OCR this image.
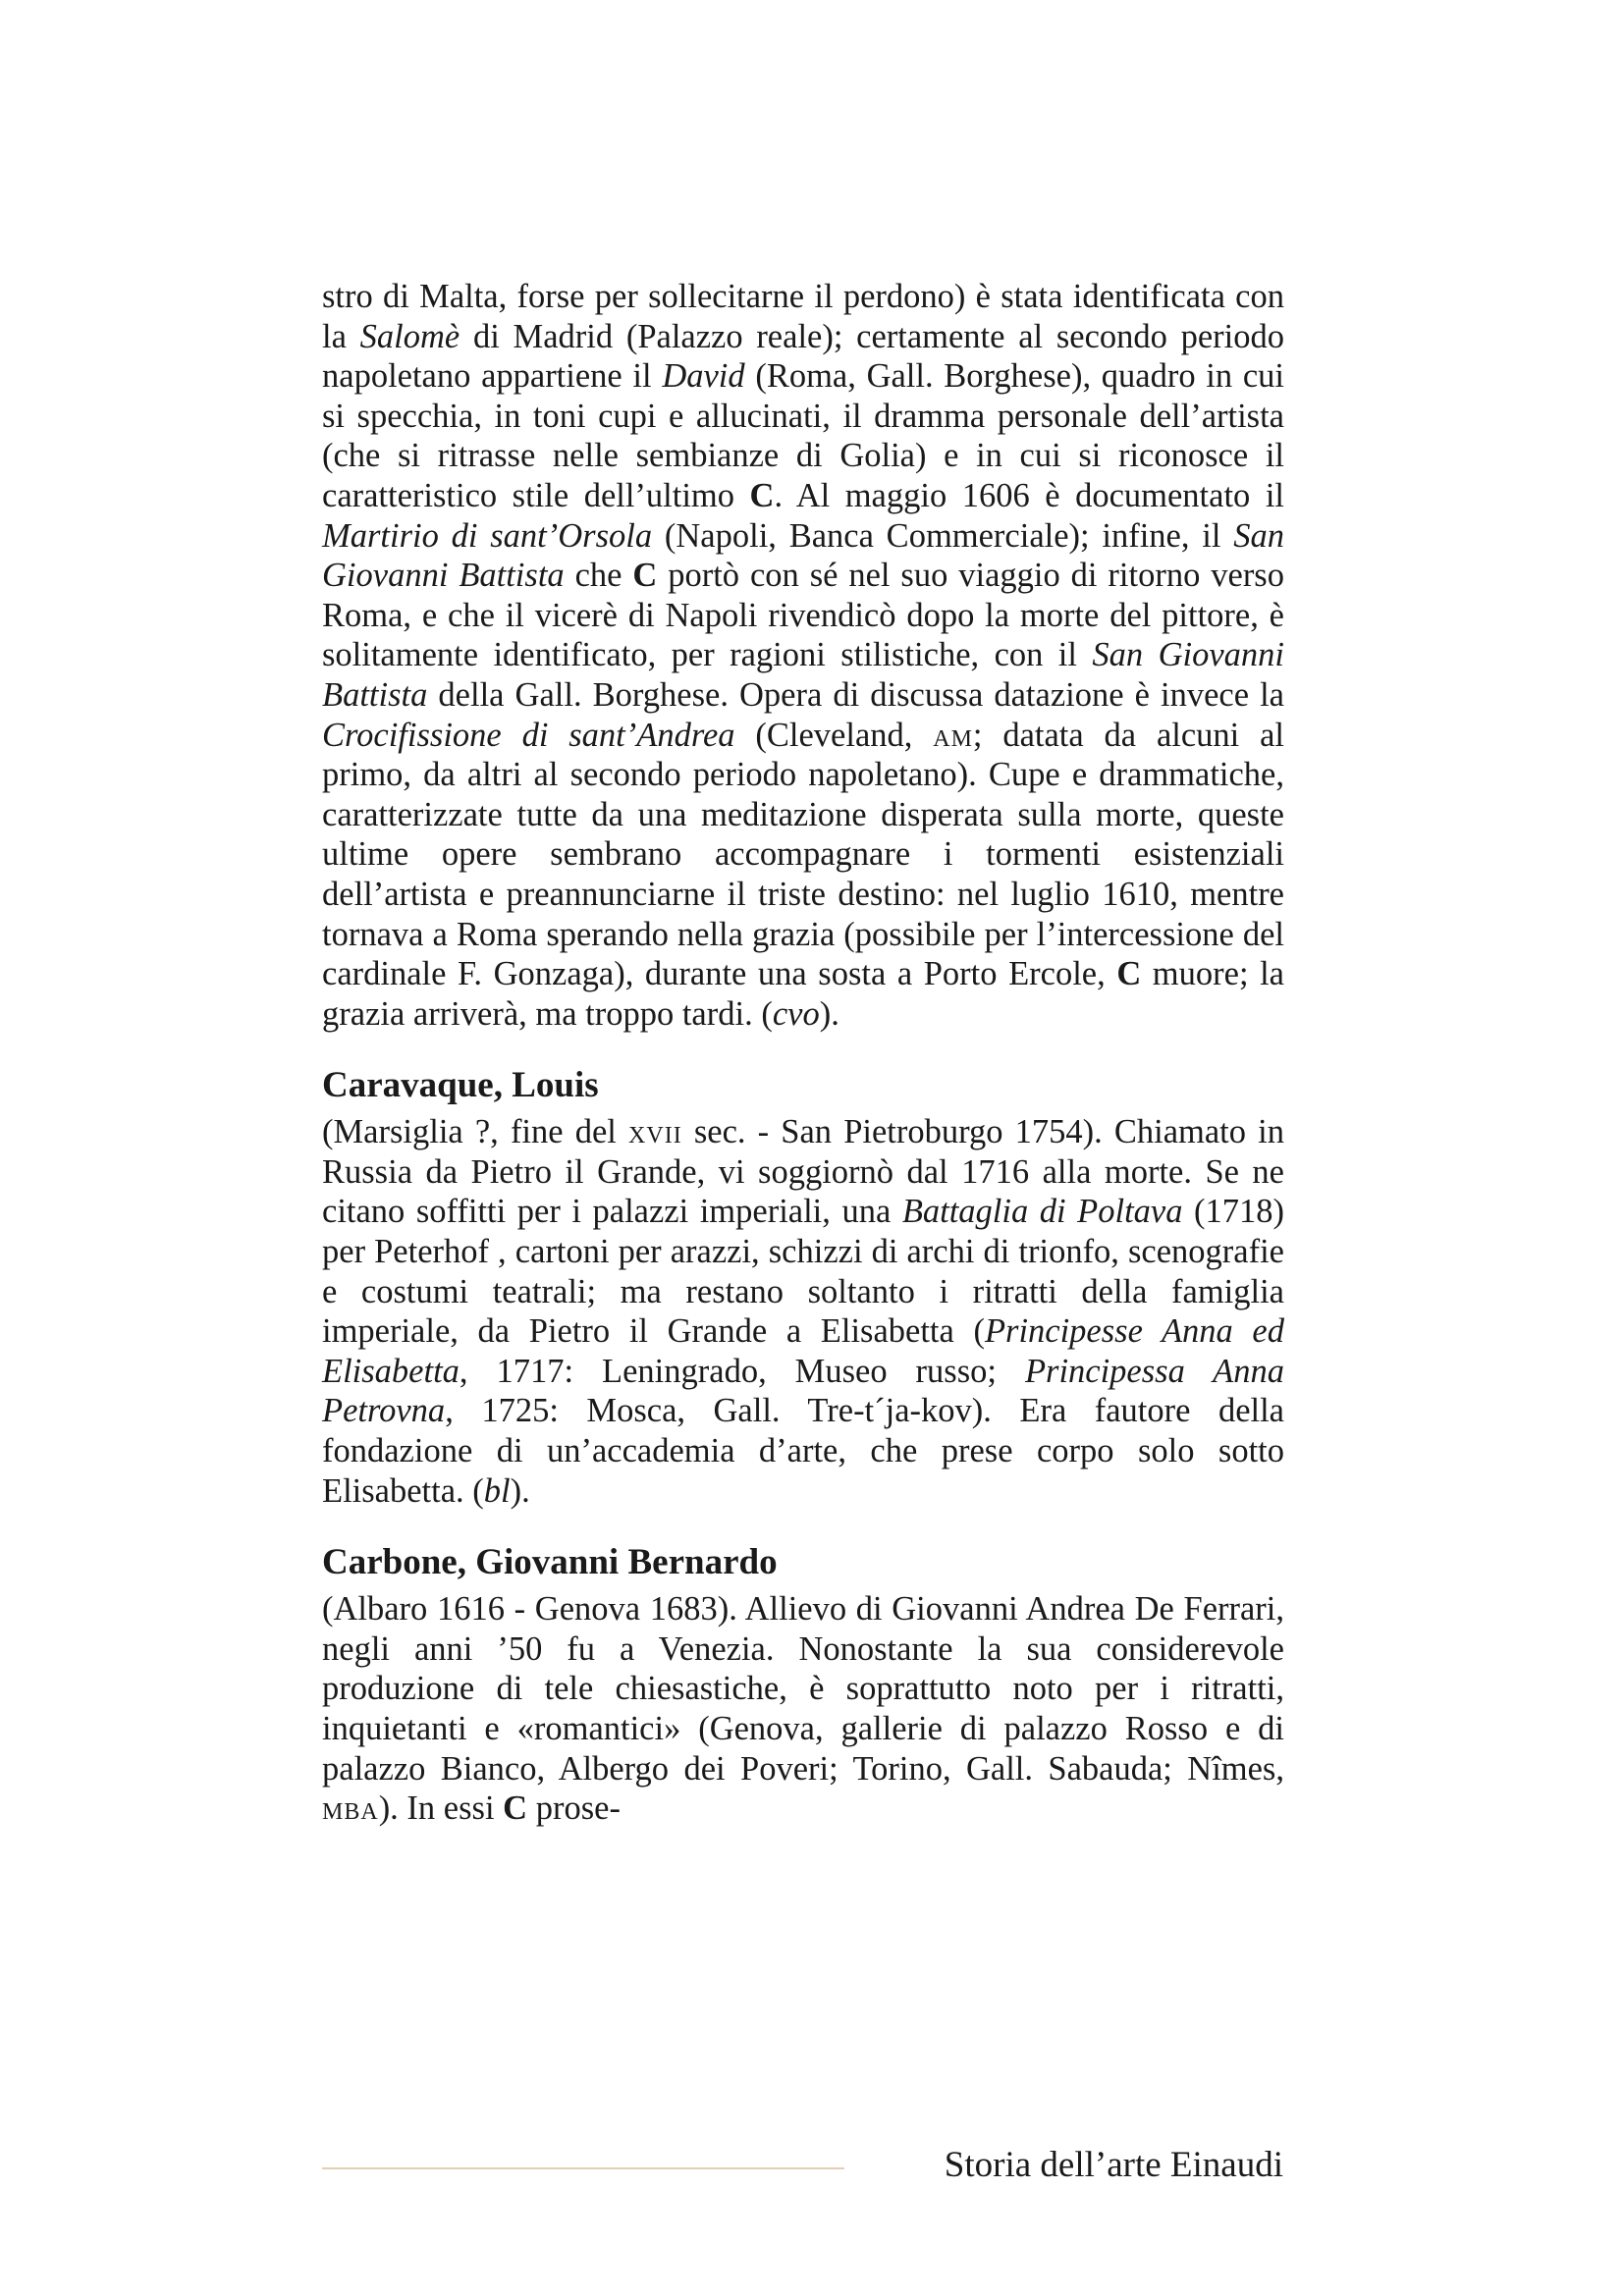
stro di Malta, forse per sollecitarne il perdono) è stata identificata con la Salomè di Madrid (Palazzo reale); certamente al secondo periodo napoletano appartiene il David (Roma, Gall. Borghese), quadro in cui si specchia, in toni cupi e allucinati, il dramma personale dell’artista (che si ritrasse nelle sembianze di Golia) e in cui si riconosce il caratteristico stile dell’ultimo C. Al maggio 1606 è documentato il Martirio di sant’Orsola (Napoli, Banca Commerciale); infine, il San Giovanni Battista che C portò con sé nel suo viaggio di ritorno verso Roma, e che il vicerè di Napoli rivendicò dopo la morte del pittore, è solitamente identificato, per ragioni stilistiche, con il San Giovanni Battista della Gall. Borghese. Opera di discussa datazione è invece la Crocifissione di sant’Andrea (Cleveland, am; datata da alcuni al primo, da altri al secondo periodo napoletano). Cupe e drammatiche, caratterizzate tutte da una meditazione disperata sulla morte, queste ultime opere sembrano accompagnare i tormenti esistenziali dell’artista e preannunciarne il triste destino: nel luglio 1610, mentre tornava a Roma sperando nella grazia (possibile per l’intercessione del cardinale F. Gonzaga), durante una sosta a Porto Ercole, C muore; la grazia arriverà, ma troppo tardi. (cvo).

Caravaque, Louis

(Marsiglia ?, fine del xvii sec. - San Pietroburgo 1754). Chiamato in Russia da Pietro il Grande, vi soggiornò dal 1716 alla morte. Se ne citano soffitti per i palazzi imperiali, una Battaglia di Poltava (1718) per Peterhof , cartoni per arazzi, schizzi di archi di trionfo, scenografie e costumi teatrali; ma restano soltanto i ritratti della famiglia imperiale, da Pietro il Grande a Elisabetta (Principesse Anna ed Elisabetta, 1717: Leningrado, Museo russo; Principessa Anna Petrovna, 1725: Mosca, Gall. Tre-t´ja-kov). Era fautore della fondazione di un’accademia d’arte, che prese corpo solo sotto Elisabetta. (bl).

Carbone, Giovanni Bernardo

(Albaro 1616 - Genova 1683). Allievo di Giovanni Andrea De Ferrari, negli anni ’50 fu a Venezia. Nonostante la sua considerevole produzione di tele chiesastiche, è soprattutto noto per i ritratti, inquietanti e «romantici» (Genova, gallerie di palazzo Rosso e di palazzo Bianco, Albergo dei Poveri; Torino, Gall. Sabauda; Nîmes, mba). In essi C prose-

Storia dell’arte Einaudi
